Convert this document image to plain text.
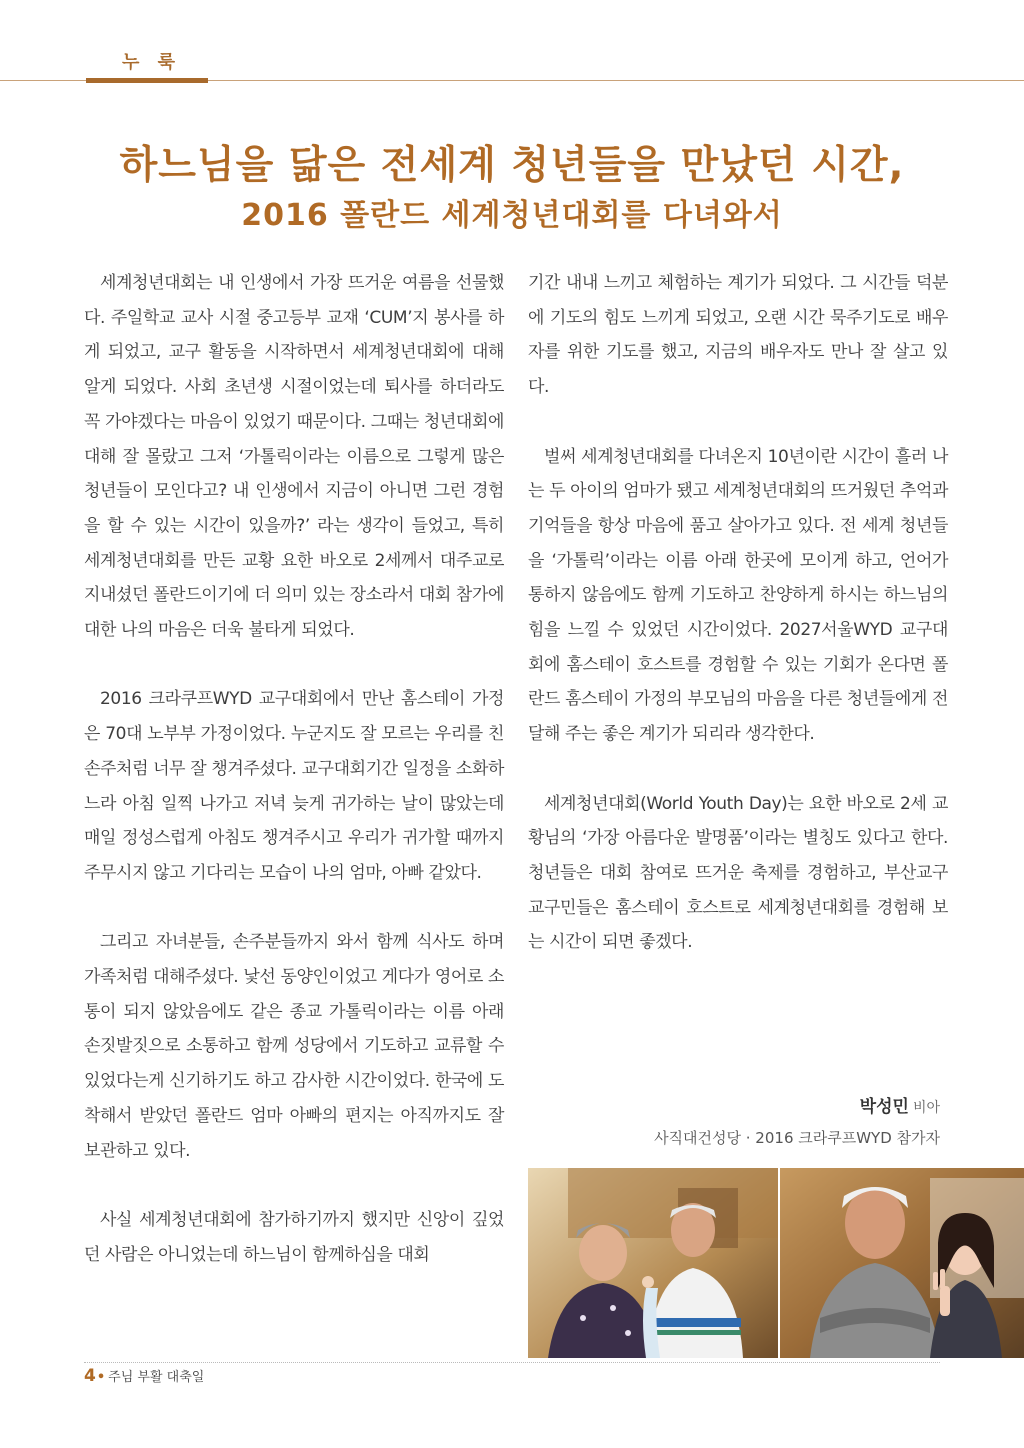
누 룩
하느님을 닮은 전세계 청년들을 만났던 시간,
2016 폴란드 세계청년대회를 다녀와서

세계청년대회는 내 인생에서 가장 뜨거운 여름을 선물했다. 주일학교 교사 시절 중고등부 교재 ‘CUM’지 봉사를 하게 되었고, 교구 활동을 시작하면서 세계청년대회에 대해 알게 되었다. 사회 초년생 시절이었는데 퇴사를 하더라도 꼭 가야겠다는 마음이 있었기 때문이다. 그때는 청년대회에 대해 잘 몰랐고 그저 ‘가톨릭이라는 이름으로 그렇게 많은 청년들이 모인다고? 내 인생에서 지금이 아니면 그런 경험을 할 수 있는 시간이 있을까?’ 라는 생각이 들었고, 특히 세계청년대회를 만든 교황 요한 바오로 2세께서 대주교로 지내셨던 폴란드이기에 더 의미 있는 장소라서 대회 참가에 대한 나의 마음은 더욱 불타게 되었다.

2016 크라쿠프WYD 교구대회에서 만난 홈스테이 가정은 70대 노부부 가정이었다. 누군지도 잘 모르는 우리를 친손주처럼 너무 잘 챙겨주셨다. 교구대회기간 일정을 소화하느라 아침 일찍 나가고 저녁 늦게 귀가하는 날이 많았는데 매일 정성스럽게 아침도 챙겨주시고 우리가 귀가할 때까지 주무시지 않고 기다리는 모습이 나의 엄마, 아빠 같았다.

그리고 자녀분들, 손주분들까지 와서 함께 식사도 하며 가족처럼 대해주셨다. 낯선 동양인이었고 게다가 영어로 소통이 되지 않았음에도 같은 종교 가톨릭이라는 이름 아래 손짓발짓으로 소통하고 함께 성당에서 기도하고 교류할 수 있었다는게 신기하기도 하고 감사한 시간이었다. 한국에 도착해서 받았던 폴란드 엄마 아빠의 편지는 아직까지도 잘 보관하고 있다.

사실 세계청년대회에 참가하기까지 했지만 신앙이 깊었던 사람은 아니었는데 하느님이 함께하심을 대회

기간 내내 느끼고 체험하는 계기가 되었다. 그 시간들 덕분에 기도의 힘도 느끼게 되었고, 오랜 시간 묵주기도로 배우자를 위한 기도를 했고, 지금의 배우자도 만나 잘 살고 있다.

벌써 세계청년대회를 다녀온지 10년이란 시간이 흘러 나는 두 아이의 엄마가 됐고 세계청년대회의 뜨거웠던 추억과 기억들을 항상 마음에 품고 살아가고 있다. 전 세계 청년들을 ‘가톨릭’이라는 이름 아래 한곳에 모이게 하고, 언어가 통하지 않음에도 함께 기도하고 찬양하게 하시는 하느님의 힘을 느낄 수 있었던 시간이었다. 2027서울WYD 교구대회에 홈스테이 호스트를 경험할 수 있는 기회가 온다면 폴란드 홈스테이 가정의 부모님의 마음을 다른 청년들에게 전달해 주는 좋은 계기가 되리라 생각한다.

세계청년대회(World Youth Day)는 요한 바오로 2세 교황님의 ‘가장 아름다운 발명품’이라는 별칭도 있다고 한다. 청년들은 대회 참여로 뜨거운 축제를 경험하고, 부산교구 교구민들은 홈스테이 호스트로 세계청년대회를 경험해 보는 시간이 되면 좋겠다.

박성민 비아
사직대건성당 · 2016 크라쿠프WYD 참가자
4• 주님 부활 대축일
